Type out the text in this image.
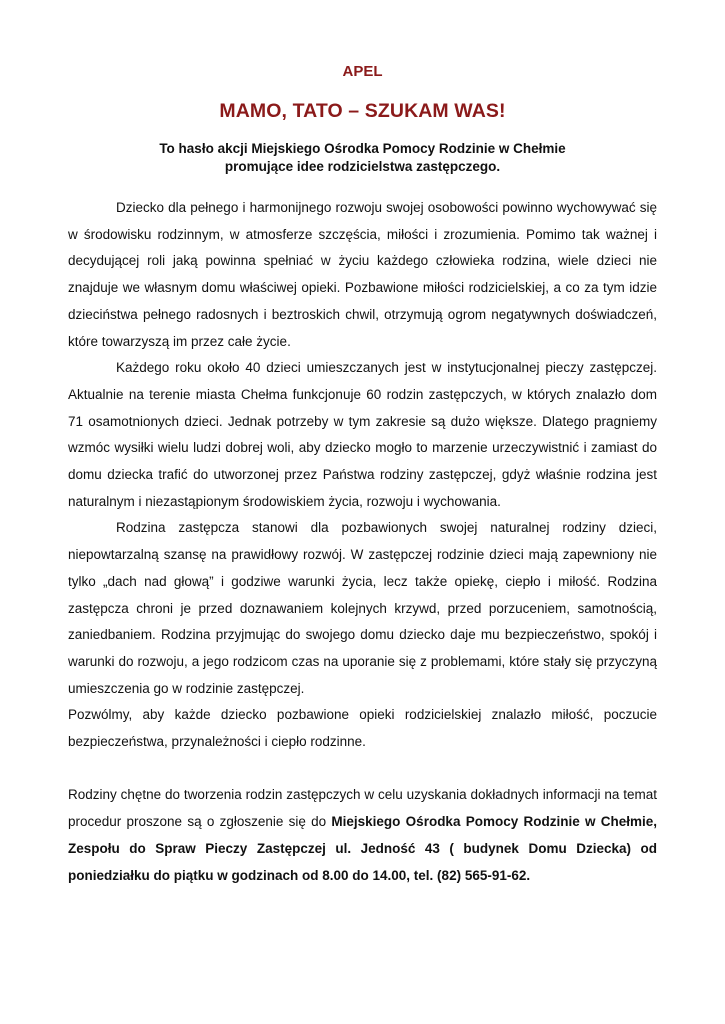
APEL
MAMO, TATO – SZUKAM WAS!
To hasło akcji Miejskiego Ośrodka Pomocy Rodzinie w Chełmie
promujące idee rodzicielstwa zastępczego.

Dziecko dla pełnego i harmonijnego rozwoju swojej osobowości powinno wychowywać się w środowisku rodzinnym, w atmosferze szczęścia, miłości i zrozumienia. Pomimo tak ważnej i decydującej roli jaką powinna spełniać w życiu każdego człowieka rodzina, wiele dzieci nie znajduje we własnym domu właściwej opieki. Pozbawione miłości rodzicielskiej, a co za tym idzie dzieciństwa pełnego radosnych i beztroskich chwil, otrzymują ogrom negatywnych doświadczeń, które towarzyszą im przez całe życie.

Każdego roku około 40 dzieci umieszczanych jest w instytucjonalnej pieczy zastępczej. Aktualnie na terenie miasta Chełma funkcjonuje 60 rodzin zastępczych, w których znalazło dom 71 osamotnionych dzieci. Jednak potrzeby w tym zakresie są dużo większe. Dlatego pragniemy wzmóc wysiłki wielu ludzi dobrej woli, aby dziecko mogło to marzenie urzeczywistnić i zamiast do domu dziecka trafić do utworzonej przez Państwa rodziny zastępczej, gdyż właśnie rodzina jest naturalnym i niezastąpionym środowiskiem życia, rozwoju i wychowania.

Rodzina zastępcza stanowi dla pozbawionych swojej naturalnej rodziny dzieci, niepowtarzalną szansę na prawidłowy rozwój. W zastępczej rodzinie dzieci mają zapewniony nie tylko „dach nad głową” i godziwe warunki życia, lecz także opiekę, ciepło i miłość. Rodzina zastępcza chroni je przed doznawaniem kolejnych krzywd, przed porzuceniem, samotnością, zaniedbaniem. Rodzina przyjmując do swojego domu dziecko daje mu bezpieczeństwo, spokój i warunki do rozwoju, a jego rodzicom czas na uporanie się z problemami, które stały się przyczyną umieszczenia go w rodzinie zastępczej.

Pozwólmy, aby każde dziecko pozbawione opieki rodzicielskiej znalazło miłość, poczucie bezpieczeństwa, przynależności i ciepło rodzinne.

Rodziny chętne do tworzenia rodzin zastępczych w celu uzyskania dokładnych informacji na temat procedur proszone są o zgłoszenie się do Miejskiego Ośrodka Pomocy Rodzinie w Chełmie, Zespołu do Spraw Pieczy Zastępczej ul. Jedność 43 ( budynek Domu Dziecka) od poniedziałku do piątku w godzinach od 8.00 do 14.00, tel. (82) 565-91-62.
